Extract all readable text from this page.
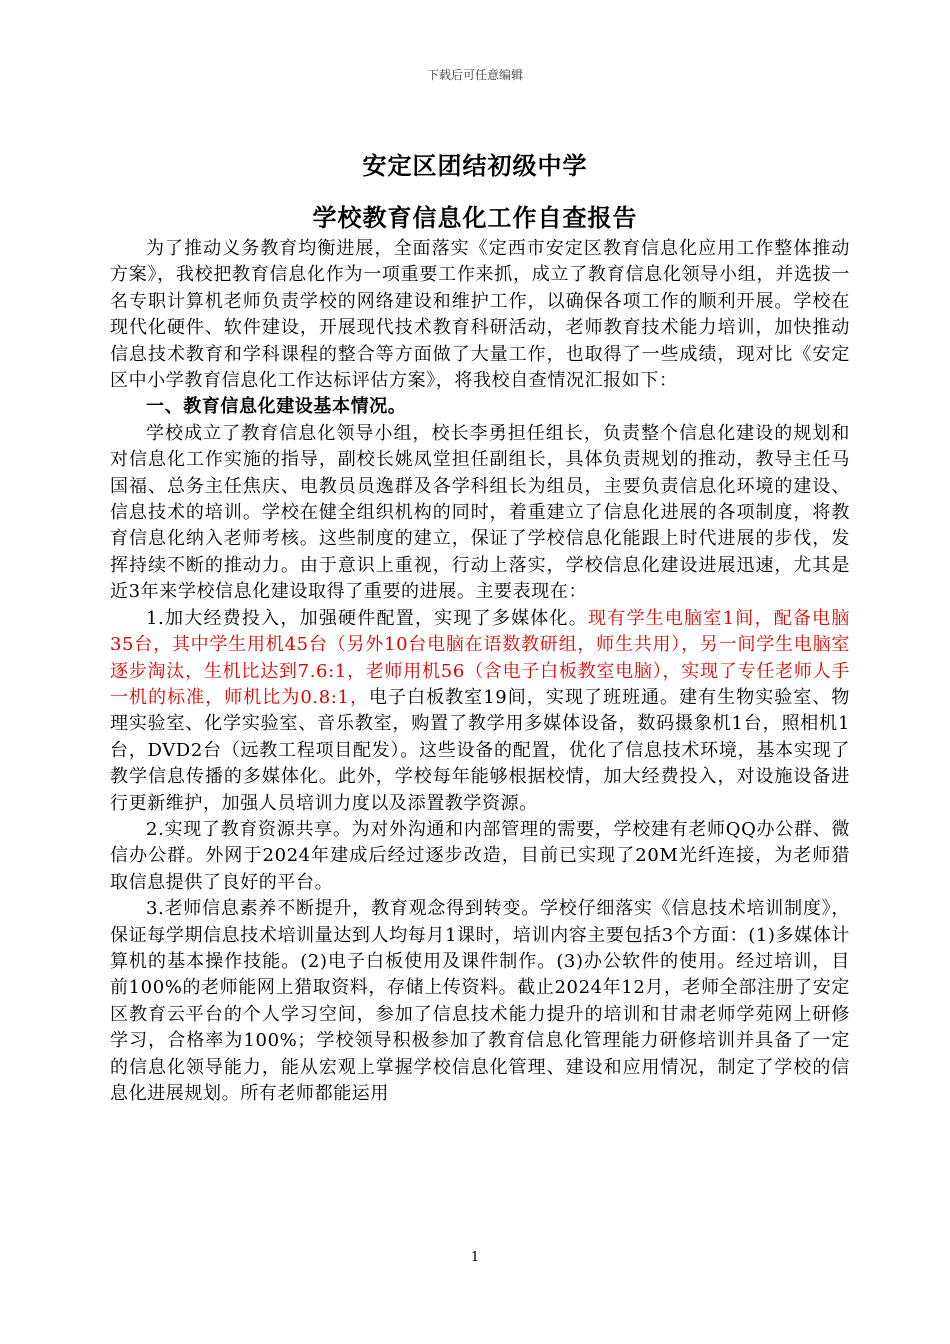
下载后可任意编辑
安定区团结初级中学
学校教育信息化工作自查报告

为了推动义务教育均衡进展，全面落实《定西市安定区教育信息化应用工作整体推动方案》，我校把教育信息化作为一项重要工作来抓，成立了教育信息化领导小组，并选拔一名专职计算机老师负责学校的网络建设和维护工作，以确保各项工作的顺利开展。学校在现代化硬件、软件建设，开展现代技术教育科研活动，老师教育技术能力培训，加快推动信息技术教育和学科课程的整合等方面做了大量工作，也取得了一些成绩，现对比《安定区中小学教育信息化工作达标评估方案》，将我校自查情况汇报如下：

一、教育信息化建设基本情况。

学校成立了教育信息化领导小组，校长李勇担任组长，负责整个信息化建设的规划和对信息化工作实施的指导，副校长姚凤堂担任副组长，具体负责规划的推动，教导主任马国福、总务主任焦庆、电教员员逸群及各学科组长为组员，主要负责信息化环境的建设、信息技术的培训。学校在健全组织机构的同时，着重建立了信息化进展的各项制度，将教育信息化纳入老师考核。这些制度的建立，保证了学校信息化能跟上时代进展的步伐，发挥持续不断的推动力。由于意识上重视，行动上落实，学校信息化建设进展迅速，尤其是近3年来学校信息化建设取得了重要的进展。主要表现在：

1.加大经费投入，加强硬件配置，实现了多媒体化。现有学生电脑室1间，配备电脑35台，其中学生用机45台（另外10台电脑在语数教研组，师生共用），另一间学生电脑室逐步淘汰，生机比达到7.6:1，老师用机56（含电子白板教室电脑），实现了专任老师人手一机的标准，师机比为0.8:1，电子白板教室19间，实现了班班通。建有生物实验室、物理实验室、化学实验室、音乐教室，购置了教学用多媒体设备，数码摄象机1台，照相机1台，DVD2台（远教工程项目配发）。这些设备的配置，优化了信息技术环境，基本实现了教学信息传播的多媒体化。此外，学校每年能够根据校情，加大经费投入，对设施设备进行更新维护，加强人员培训力度以及添置教学资源。

2.实现了教育资源共享。为对外沟通和内部管理的需要，学校建有老师QQ办公群、微信办公群。外网于2024年建成后经过逐步改造，目前已实现了20M光纤连接，为老师猎取信息提供了良好的平台。

3.老师信息素养不断提升，教育观念得到转变。学校仔细落实《信息技术培训制度》，保证每学期信息技术培训量达到人均每月1课时，培训内容主要包括3个方面：(1)多媒体计算机的基本操作技能。(2)电子白板使用及课件制作。(3)办公软件的使用。经过培训，目前100%的老师能网上猎取资料，存储上传资料。截止2024年12月，老师全部注册了安定区教育云平台的个人学习空间，参加了信息技术能力提升的培训和甘肃老师学苑网上研修学习，合格率为100%；学校领导积极参加了教育信息化管理能力研修培训并具备了一定的信息化领导能力，能从宏观上掌握学校信息化管理、建设和应用情况，制定了学校的信息化进展规划。所有老师都能运用

1
